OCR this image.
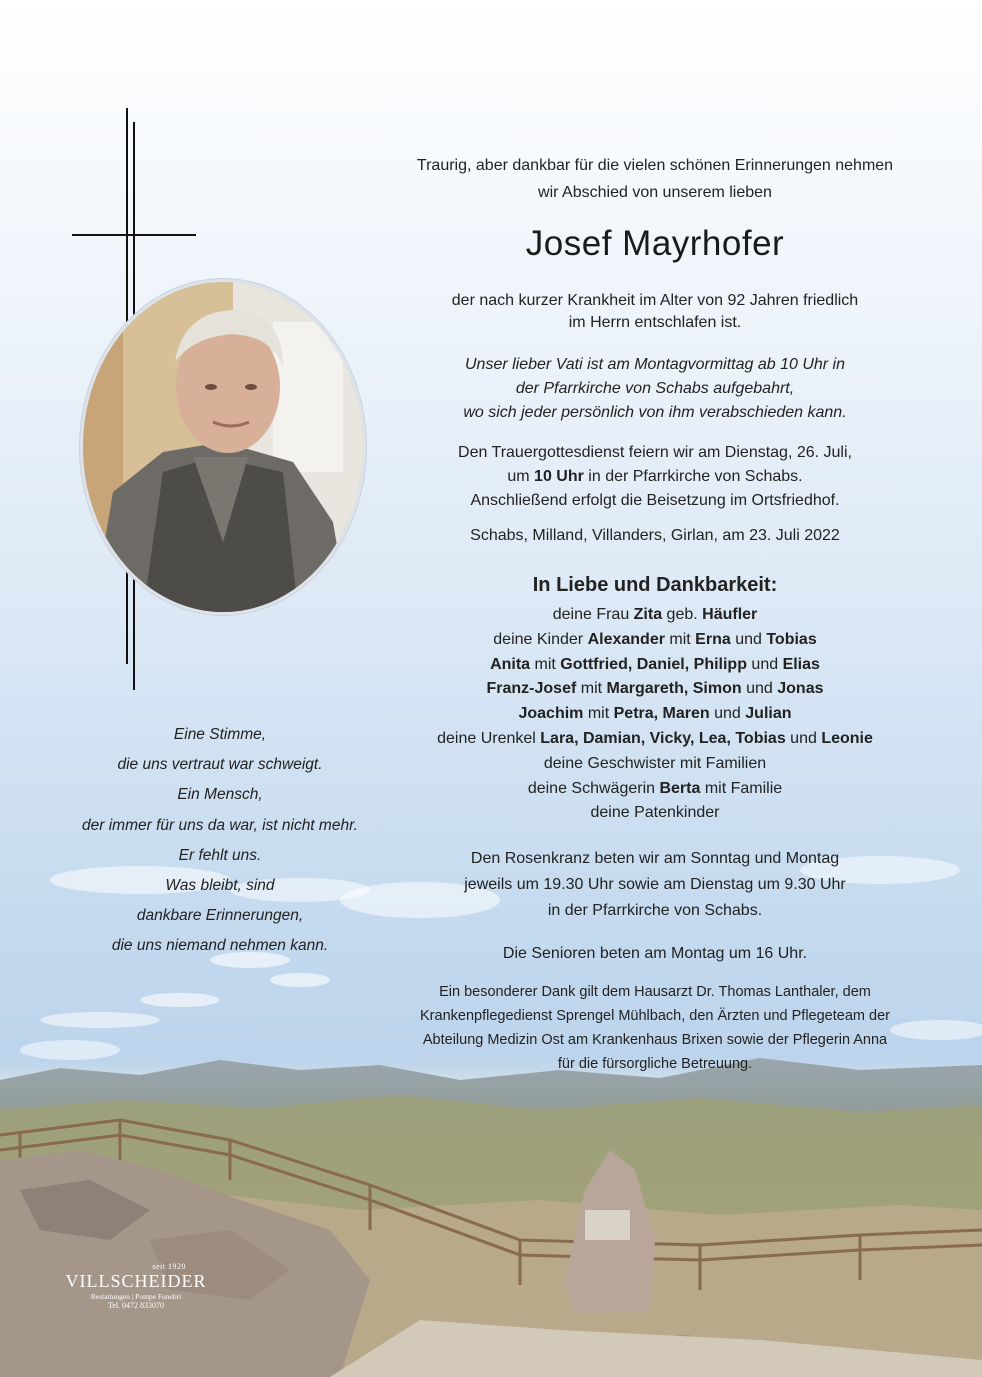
Traurig, aber dankbar für die vielen schönen Erinnerungen nehmen
wir Abschied von unserem lieben
Josef Mayrhofer
der nach kurzer Krankheit im Alter von 92 Jahren friedlich
im Herrn entschlafen ist.
Unser lieber Vati ist am Montagvormittag ab 10 Uhr in
der Pfarrkirche von Schabs aufgebahrt,
wo sich jeder persönlich von ihm verabschieden kann.
Den Trauergottesdienst feiern wir am Dienstag, 26. Juli,
um 10 Uhr in der Pfarrkirche von Schabs.
Anschließend erfolgt die Beisetzung im Ortsfriedhof.
Schabs, Milland, Villanders, Girlan, am 23. Juli 2022
In Liebe und Dankbarkeit:
deine Frau Zita geb. Häufler
deine Kinder Alexander mit Erna und Tobias
Anita mit Gottfried, Daniel, Philipp und Elias
Franz-Josef mit Margareth, Simon und Jonas
Joachim mit Petra, Maren und Julian
deine Urenkel Lara, Damian, Vicky, Lea, Tobias und Leonie
deine Geschwister mit Familien
deine Schwägerin Berta mit Familie
deine Patenkinder
Den Rosenkranz beten wir am Sonntag und Montag
jeweils um 19.30 Uhr sowie am Dienstag um 9.30 Uhr
in der Pfarrkirche von Schabs.
Die Senioren beten am Montag um 16 Uhr.
Ein besonderer Dank gilt dem Hausarzt Dr. Thomas Lanthaler, dem
Krankenpflegedienst Sprengel Mühlbach, den Ärzten und Pflegeteam der
Abteilung Medizin Ost am Krankenhaus Brixen sowie der Pflegerin Anna
für die fürsorgliche Betreuung.
Eine Stimme,
die uns vertraut war schweigt.
Ein Mensch,
der immer für uns da war, ist nicht mehr.
Er fehlt uns.
Was bleibt, sind
dankbare Erinnerungen,
die uns niemand nehmen kann.
seit 1920
VILLSCHEIDER
Bestattungen | Pompe Funebri
Tel. 0472 833070
